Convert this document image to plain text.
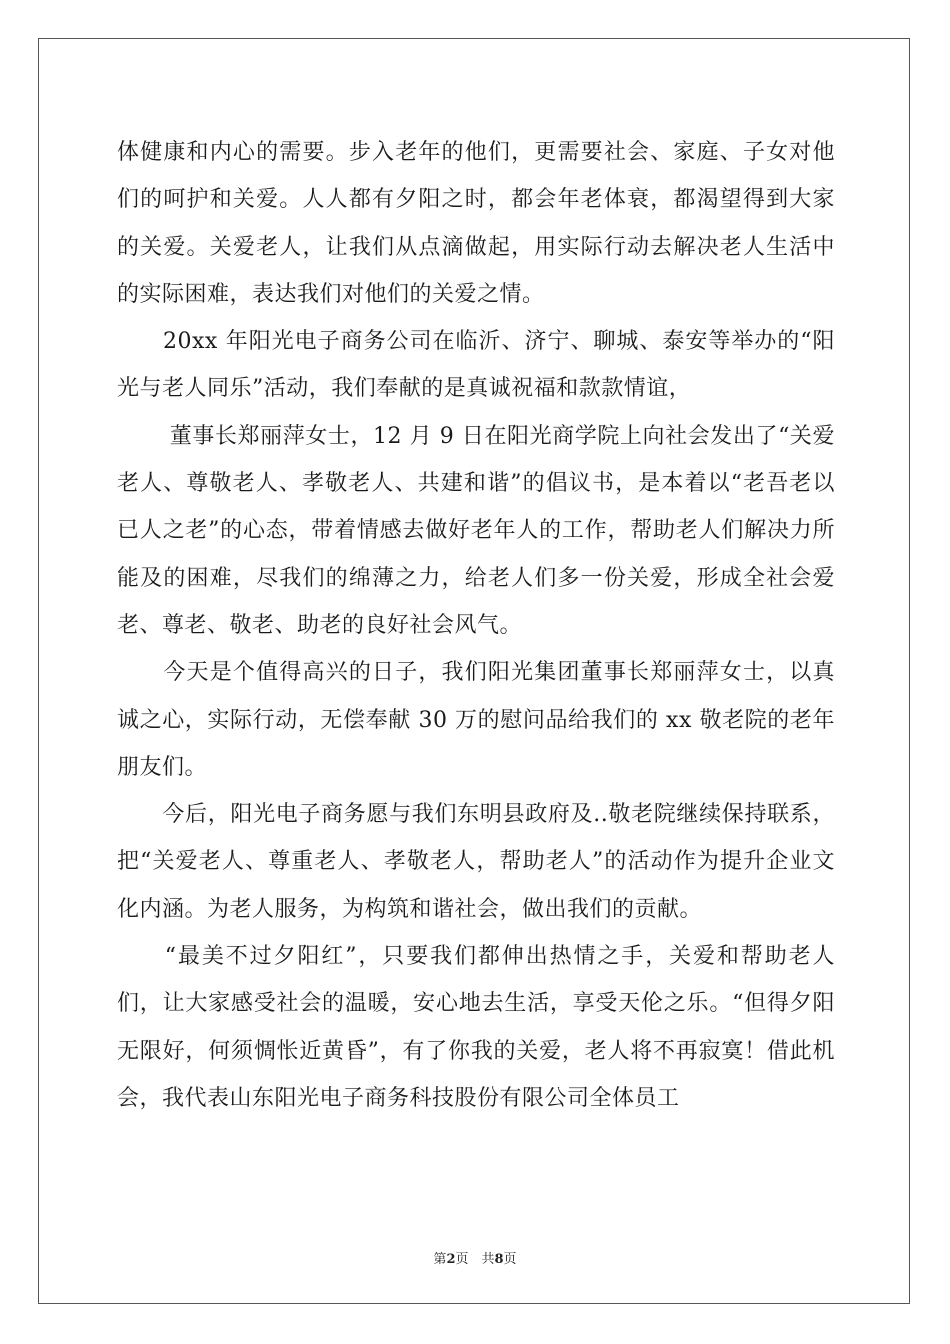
体健康和内心的需要。步入老年的他们，更需要社会、家庭、子女对他们的呵护和关爱。人人都有夕阳之时，都会年老体衰，都渴望得到大家的关爱。关爱老人，让我们从点滴做起，用实际行动去解决老人生活中的实际困难，表达我们对他们的关爱之情。

　　20xx 年阳光电子商务公司在临沂、济宁、聊城、泰安等举办的“阳光与老人同乐”活动，我们奉献的是真诚祝福和款款情谊，

　　 董事长郑丽萍女士，12 月 9 日在阳光商学院上向社会发出了“关爱老人、尊敬老人、孝敬老人、共建和谐”的倡议书，是本着以“老吾老以已人之老”的心态，带着情感去做好老年人的工作，帮助老人们解决力所能及的困难，尽我们的绵薄之力，给老人们多一份关爱，形成全社会爱老、尊老、敬老、助老的良好社会风气。

　　今天是个值得高兴的日子，我们阳光集团董事长郑丽萍女士，以真诚之心，实际行动，无偿奉献 30 万的慰问品给我们的 xx 敬老院的老年朋友们。

　　今后，阳光电子商务愿与我们东明县政府及..敬老院继续保持联系，把“关爱老人、尊重老人、孝敬老人，帮助老人”的活动作为提升企业文化内涵。为老人服务，为构筑和谐社会，做出我们的贡献。

　　“最美不过夕阳红”，只要我们都伸出热情之手，关爱和帮助老人们，让大家感受社会的温暖，安心地去生活，享受天伦之乐。“但得夕阳无限好，何须惆怅近黄昏”，有了你我的关爱，老人将不再寂寞！借此机会，我代表山东阳光电子商务科技股份有限公司全体员工

第2页　共8页
